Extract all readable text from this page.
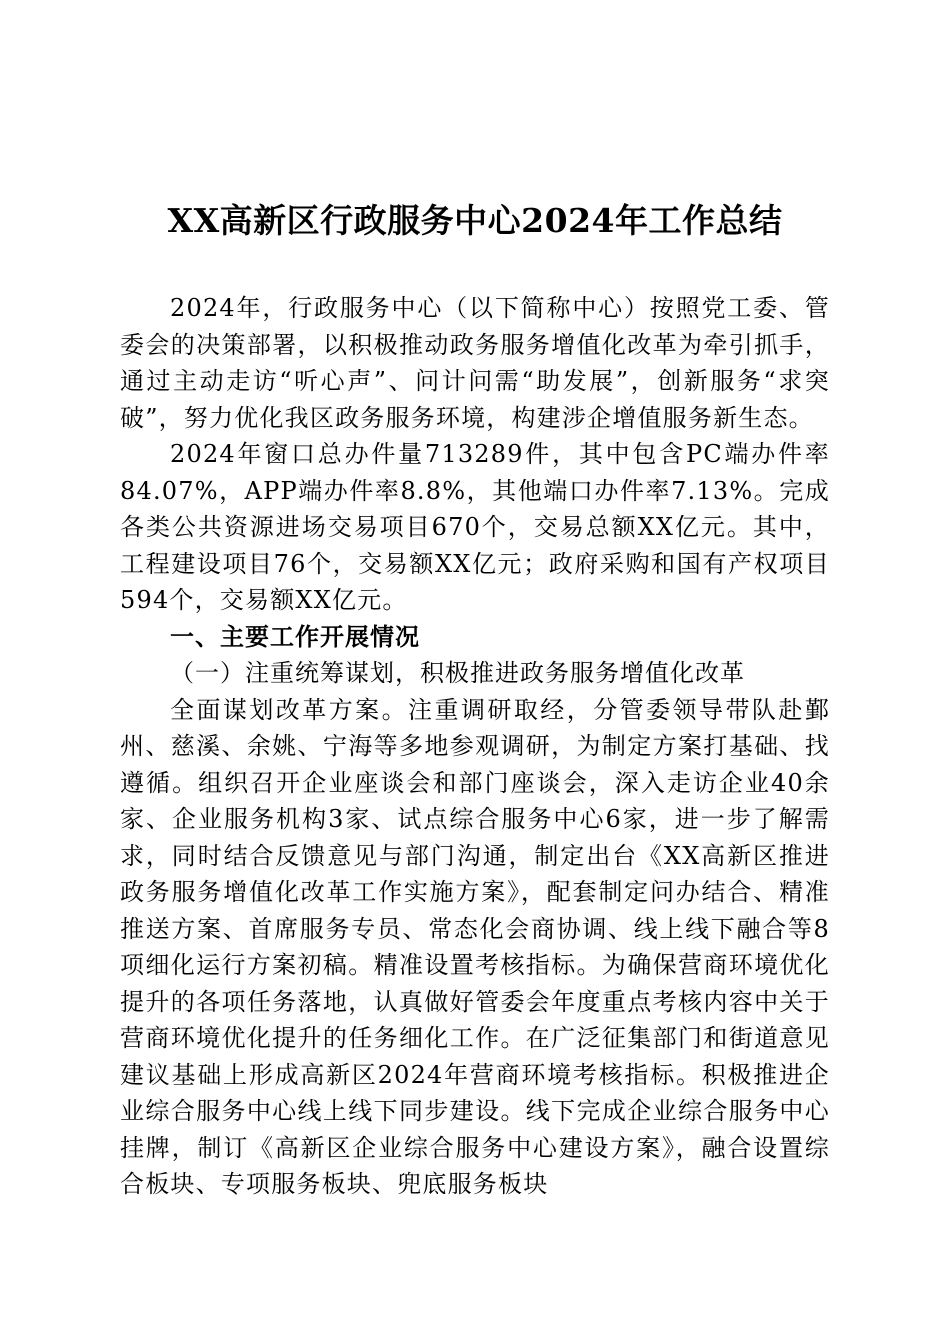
XX高新区行政服务中心2024年工作总结

2024年，行政服务中心（以下简称中心）按照党工委、管委会的决策部署，以积极推动政务服务增值化改革为牵引抓手，通过主动走访“听心声”、问计问需“助发展”，创新服务“求突破”，努力优化我区政务服务环境，构建涉企增值服务新生态。

2024年窗口总办件量713289件，其中包含PC端办件率84.07%，APP端办件率8.8%，其他端口办件率7.13%。完成各类公共资源进场交易项目670个，交易总额XX亿元。其中，工程建设项目76个，交易额XX亿元；政府采购和国有产权项目594个，交易额XX亿元。

一、主要工作开展情况
（一）注重统筹谋划，积极推进政务服务增值化改革

全面谋划改革方案。注重调研取经，分管委领导带队赴鄞州、慈溪、余姚、宁海等多地参观调研，为制定方案打基础、找遵循。组织召开企业座谈会和部门座谈会，深入走访企业40余家、企业服务机构3家、试点综合服务中心6家，进一步了解需求，同时结合反馈意见与部门沟通，制定出台《XX高新区推进政务服务增值化改革工作实施方案》，配套制定问办结合、精准推送方案、首席服务专员、常态化会商协调、线上线下融合等8项细化运行方案初稿。精准设置考核指标。为确保营商环境优化提升的各项任务落地，认真做好管委会年度重点考核内容中关于营商环境优化提升的任务细化工作。在广泛征集部门和街道意见建议基础上形成高新区2024年营商环境考核指标。积极推进企业综合服务中心线上线下同步建设。线下完成企业综合服务中心挂牌，制订《高新区企业综合服务中心建设方案》，融合设置综合板块、专项服务板块、兜底服务板块
